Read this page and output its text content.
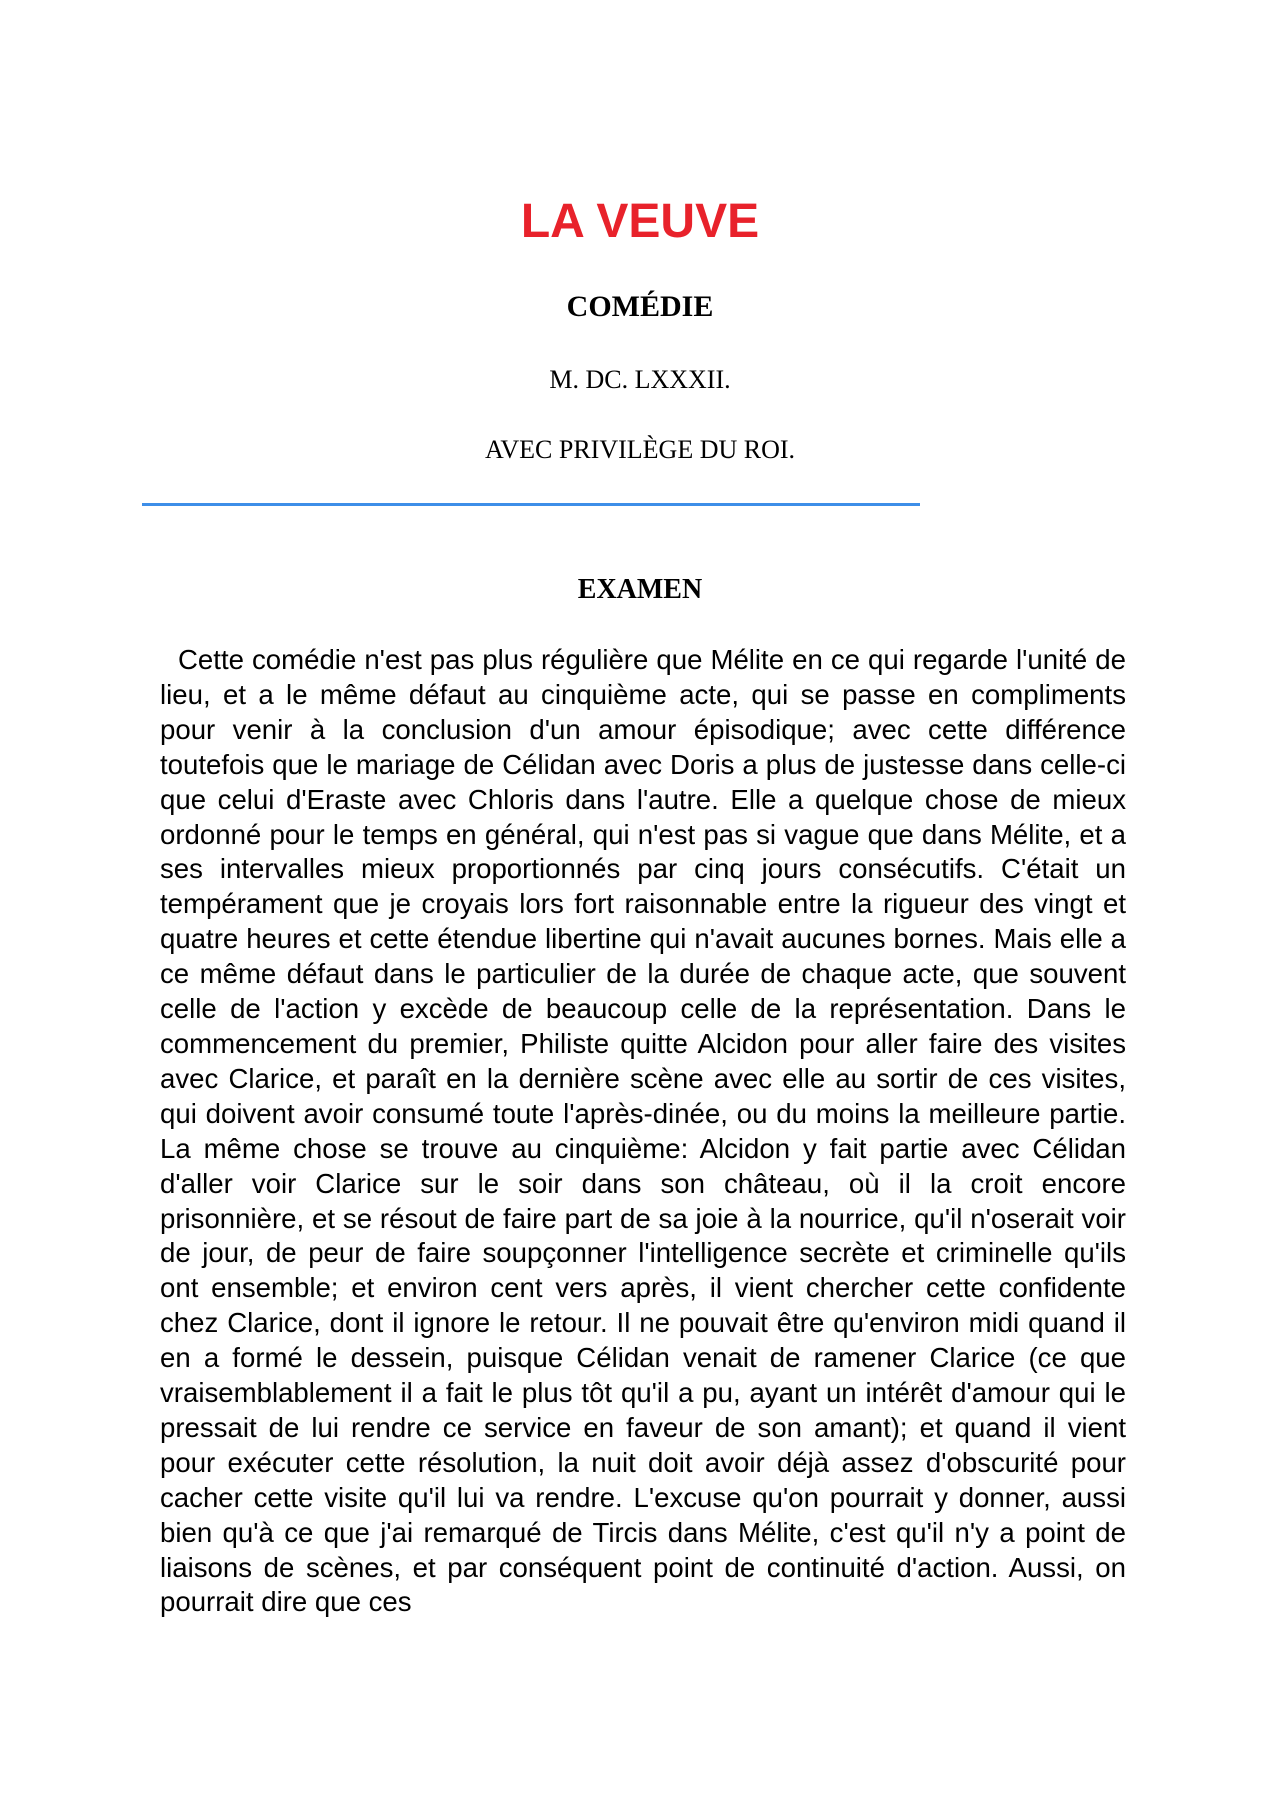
LA VEUVE
COMÉDIE

M. DC. LXXXII.

AVEC PRIVILÈGE DU ROI.

EXAMEN

Cette comédie n'est pas plus régulière que Mélite en ce qui regarde l'unité de lieu, et a le même défaut au cinquième acte, qui se passe en compliments pour venir à la conclusion d'un amour épisodique; avec cette différence toutefois que le mariage de Célidan avec Doris a plus de justesse dans celle-ci que celui d'Eraste avec Chloris dans l'autre. Elle a quelque chose de mieux ordonné pour le temps en général, qui n'est pas si vague que dans Mélite, et a ses intervalles mieux proportionnés par cinq jours consécutifs. C'était un tempérament que je croyais lors fort raisonnable entre la rigueur des vingt et quatre heures et cette étendue libertine qui n'avait aucunes bornes. Mais elle a ce même défaut dans le particulier de la durée de chaque acte, que souvent celle de l'action y excède de beaucoup celle de la représentation. Dans le commencement du premier, Philiste quitte Alcidon pour aller faire des visites avec Clarice, et paraît en la dernière scène avec elle au sortir de ces visites, qui doivent avoir consumé toute l'après-dinée, ou du moins la meilleure partie. La même chose se trouve au cinquième: Alcidon y fait partie avec Célidan d'aller voir Clarice sur le soir dans son château, où il la croit encore prisonnière, et se résout de faire part de sa joie à la nourrice, qu'il n'oserait voir de jour, de peur de faire soupçonner l'intelligence secrète et criminelle qu'ils ont ensemble; et environ cent vers après, il vient chercher cette confidente chez Clarice, dont il ignore le retour. Il ne pouvait être qu'environ midi quand il en a formé le dessein, puisque Célidan venait de ramener Clarice (ce que vraisemblablement il a fait le plus tôt qu'il a pu, ayant un intérêt d'amour qui le pressait de lui rendre ce service en faveur de son amant); et quand il vient pour exécuter cette résolution, la nuit doit avoir déjà assez d'obscurité pour cacher cette visite qu'il lui va rendre. L'excuse qu'on pourrait y donner, aussi bien qu'à ce que j'ai remarqué de Tircis dans Mélite, c'est qu'il n'y a point de liaisons de scènes, et par conséquent point de continuité d'action. Aussi, on pourrait dire que ces
